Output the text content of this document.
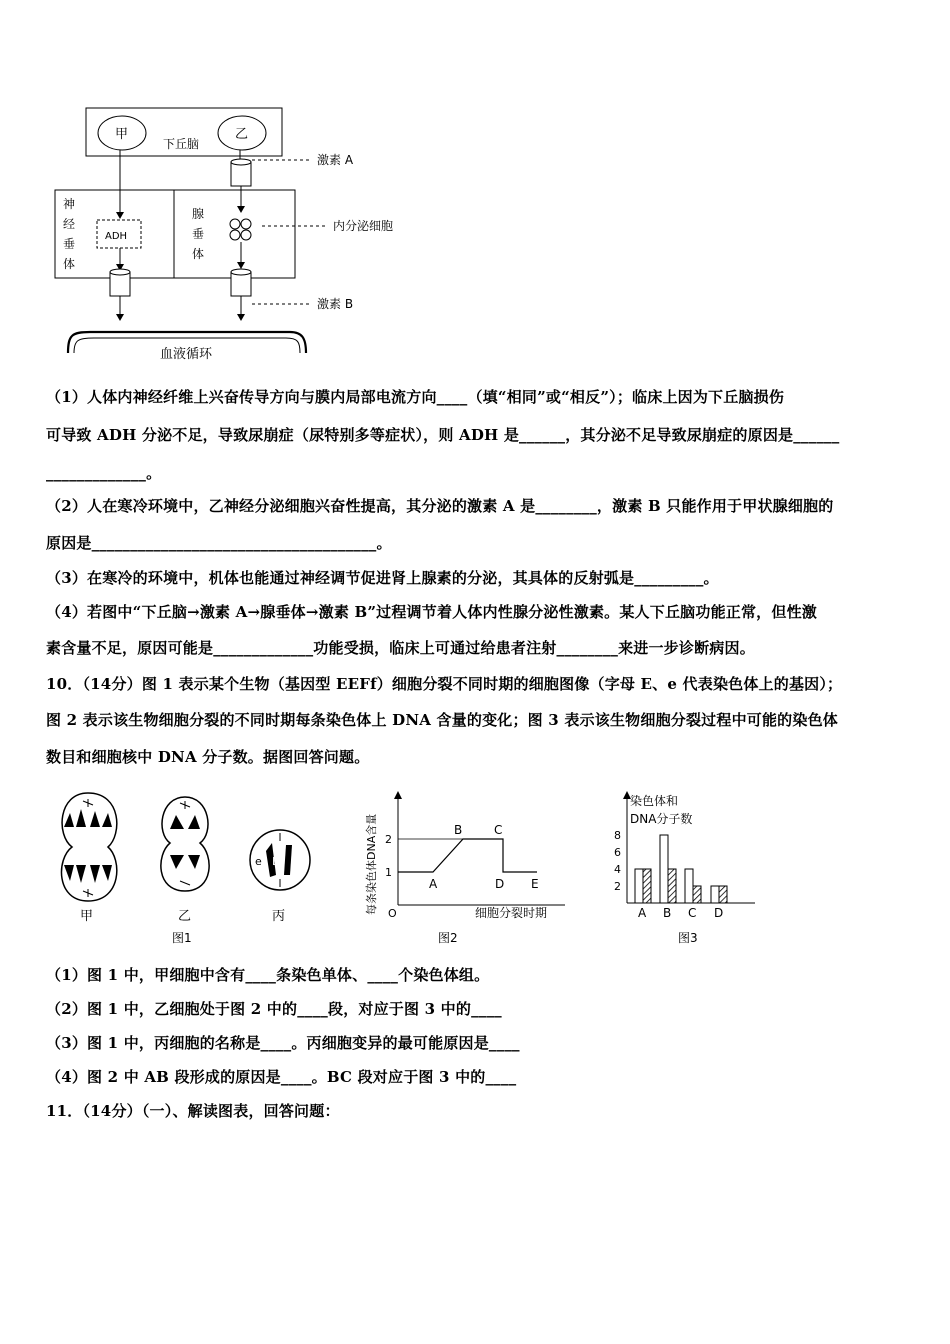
甲	乙
下丘脑
神
经
垂
体
腺
垂
体
ADH
激素 A
内分泌细胞
激素 B
血液循环
（1）人体内神经纤维上兴奋传导方向与膜内局部电流方向____（填“相同”或“相反”）；临床上因为下丘脑损伤
可导致 ADH 分泌不足，导致尿崩症（尿特别多等症状），则 ADH 是______，其分泌不足导致尿崩症的原因是______
_____________。
（2）人在寒冷环境中，乙神经分泌细胞兴奋性提高，其分泌的激素 A 是________，激素 B 只能作用于甲状腺细胞的
原因是_____________________________________。
（3）在寒冷的环境中，机体也能通过神经调节促进肾上腺素的分泌，其具体的反射弧是_________。
（4）若图中“下丘脑→激素 A→腺垂体→激素 B”过程调节着人体内性腺分泌性激素。某人下丘脑功能正常，但性激
素含量不足，原因可能是_____________功能受损，临床上可通过给患者注射________来进一步诊断病因。
10．（14分）图 1 表示某个生物（基因型 EEFf）细胞分裂不同时期的细胞图像（字母 E、e 代表染色体上的基因）；
图 2 表示该生物细胞分裂的不同时期每条染色体上 DNA 含量的变化；图 3 表示该生物细胞分裂过程中可能的染色体
数目和细胞核中 DNA 分子数。据图回答问题。
e E
甲	乙	丙
图1
每条染色体DNA含量 O	细胞分裂时期
图2
1
2
A
B	C
D E
染色体和
DNA分子数
图3
2
4
6
8
A B C D
（1）图 1 中，甲细胞中含有____条染色单体、____个染色体组。
（2）图 1 中，乙细胞处于图 2 中的____段，对应于图 3 中的____
（3）图 1 中，丙细胞的名称是____。丙细胞变异的最可能原因是____
（4）图 2 中 AB 段形成的原因是____。BC 段对应于图 3 中的____
11．（14分）（一）、解读图表，回答问题：
